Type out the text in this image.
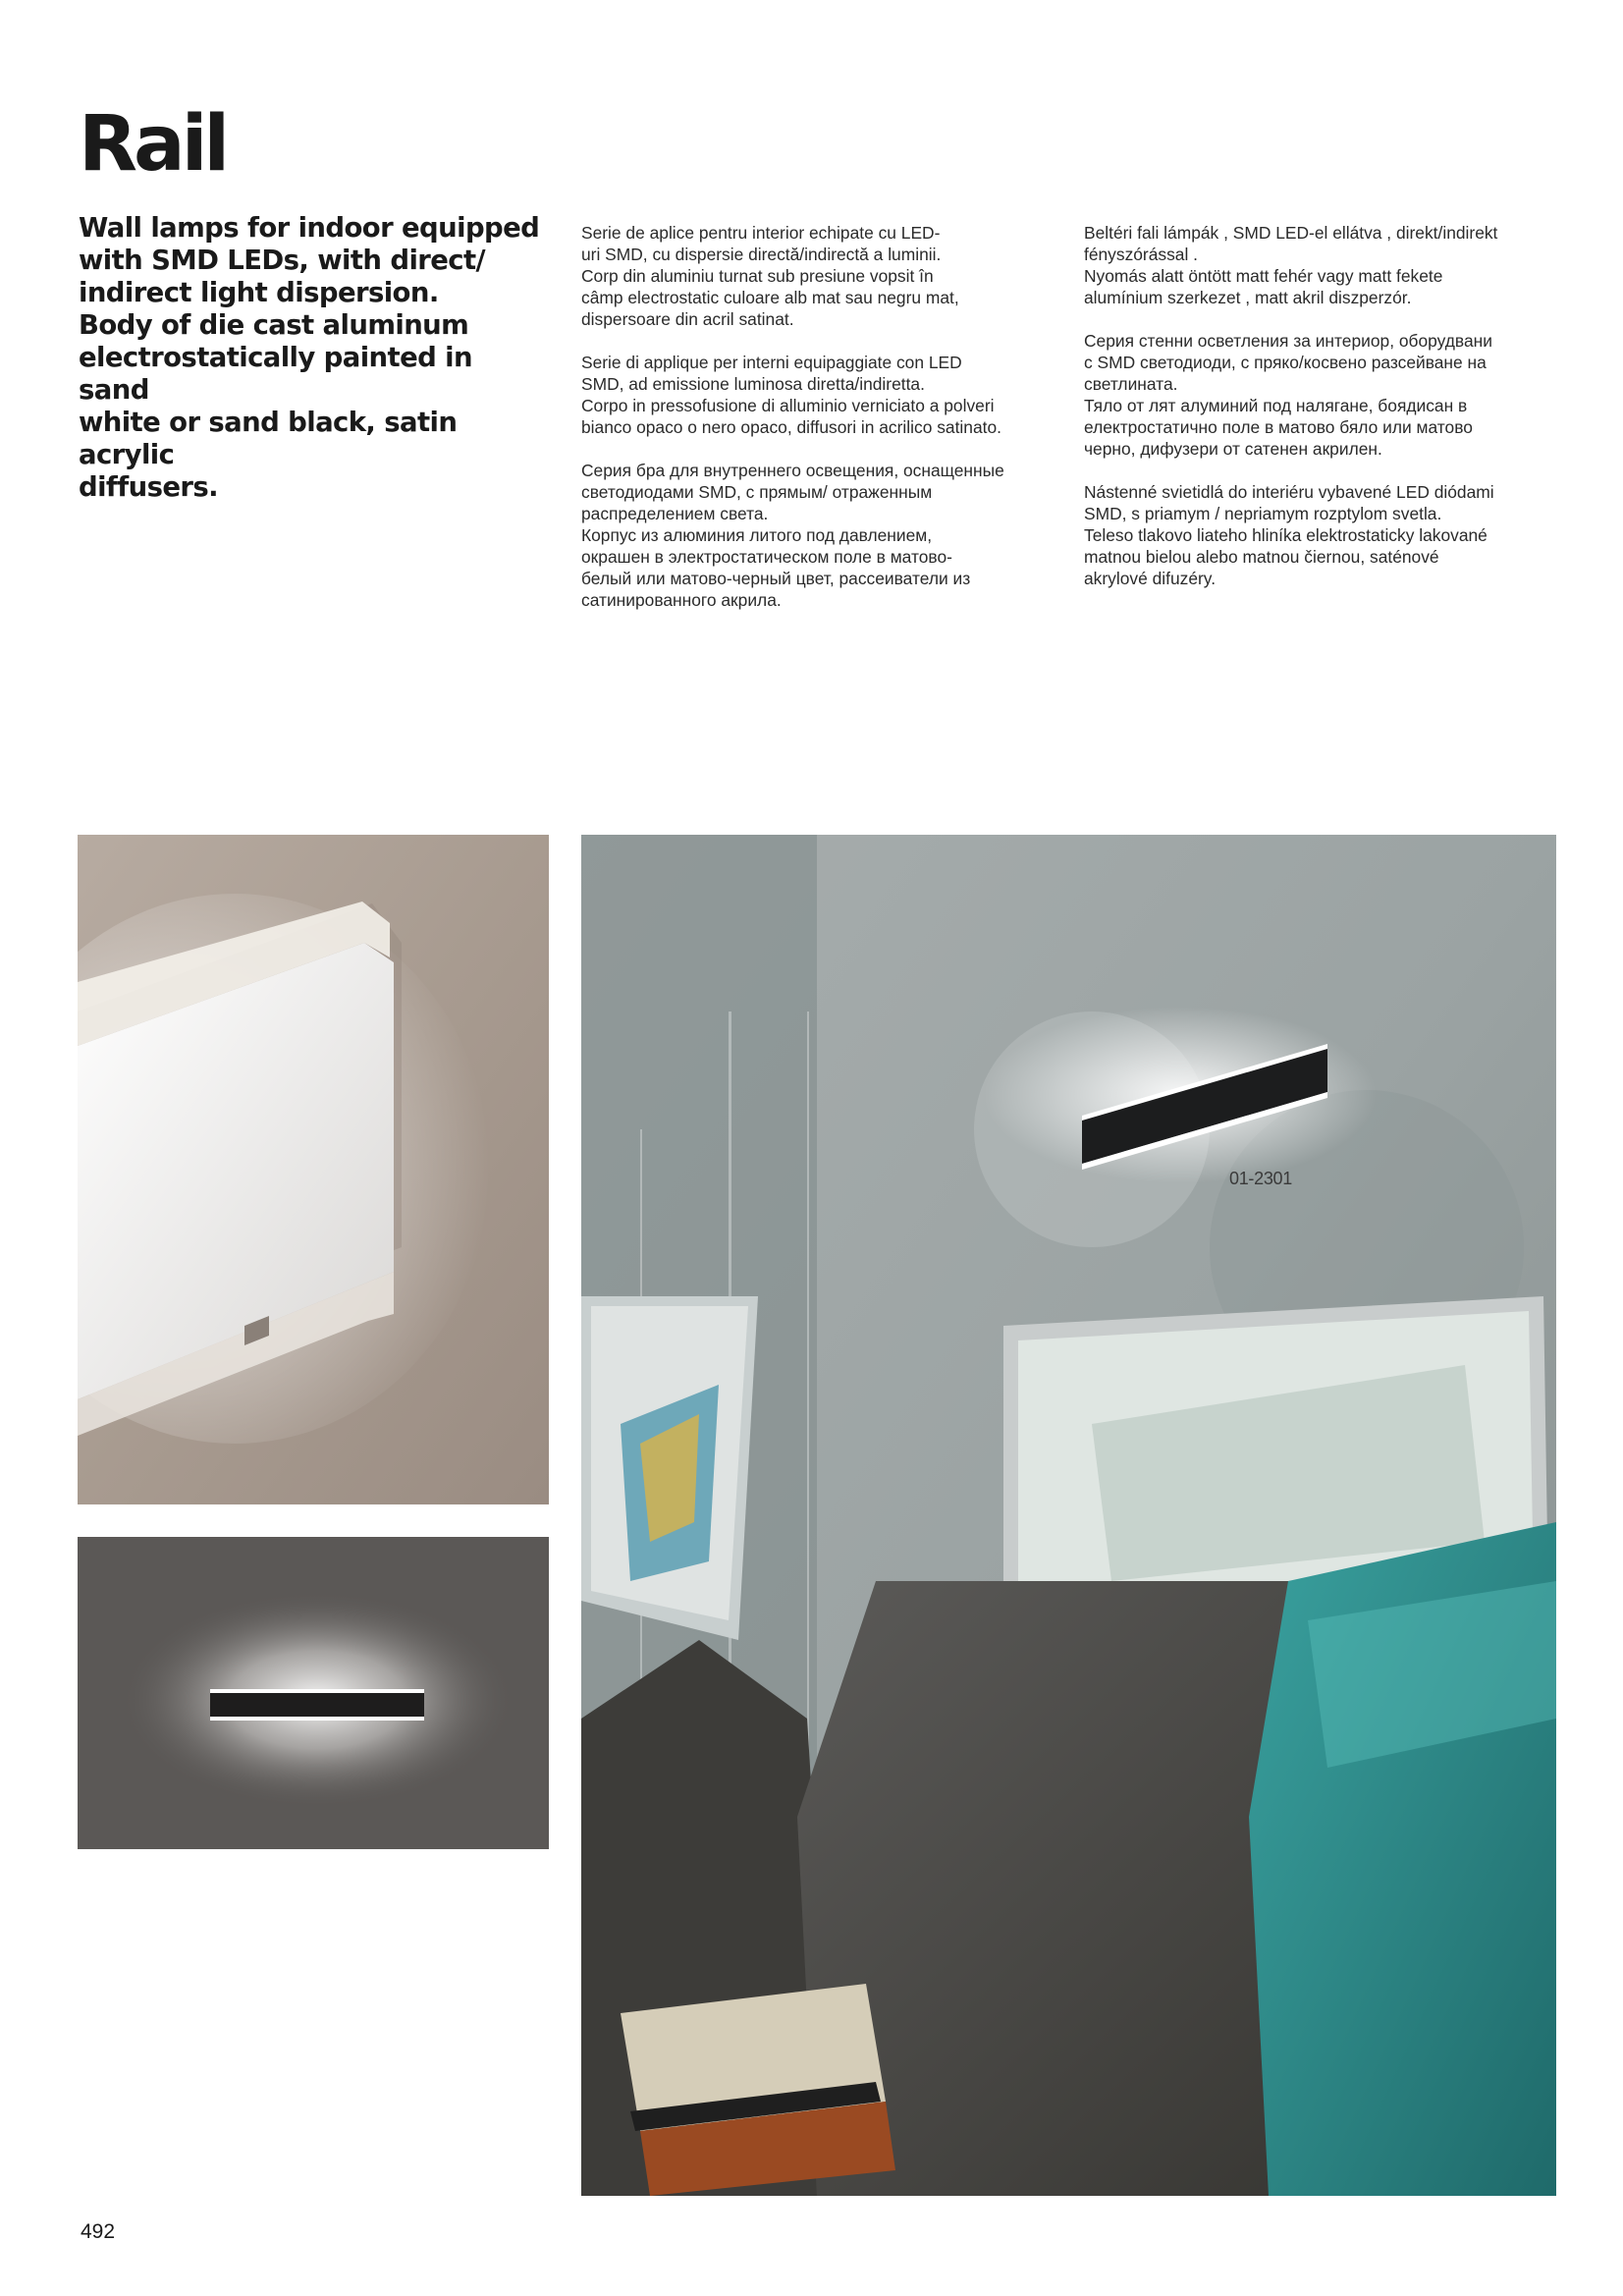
Rail

Wall lamps for indoor equipped

with SMD LEDs, with direct/

indirect light dispersion.

Body of die cast aluminum

electrostatically painted in sand

white or sand black, satin acrylic

diffusers.

Serie de aplice pentru interior echipate cu LED-

uri SMD, cu dispersie directă/indirectă a luminii.

Corp din aluminiu turnat sub presiune vopsit în

câmp electrostatic culoare alb mat sau negru mat,

dispersoare din acril satinat.

Serie di applique per interni equipaggiate con LED

SMD, ad emissione luminosa diretta/indiretta.

Corpo in pressofusione di alluminio verniciato a polveri

bianco opaco o nero opaco, diffusori in acrilico satinato.

Серия бра для внутреннего освещения, оснащенные

светодиодами SMD, с прямым/ отраженным

распределением света.

Корпус из алюминия литого под давлением,

окрашен в электростатическом поле в матово-

белый или матово-черный цвет, рассеиватели из

сатинированного акрила.

Beltéri fali lámpák , SMD LED-el ellátva , direkt/indirekt

fényszórással .

Nyomás alatt öntött matt fehér vagy matt fekete

alumínium szerkezet , matt akril diszperzór.

Серия стенни осветления за интериор, оборудвани

с SMD светодиоди, с пряко/косвено разсейване на

светлината.

Тяло от лят алуминий под налягане, боядисан в

електростатично поле в матово бяло или матово

черно, дифузери от сатенен акрилен.

Nástenné svietidlá do interiéru vybavené LED diódami

SMD, s priamym / nepriamym rozptylom svetla.

Teleso tlakovo liateho hliníka elektrostaticky lakované

matnou bielou alebo matnou čiernou, saténové

akrylové difuzéry.

01-2301
492
